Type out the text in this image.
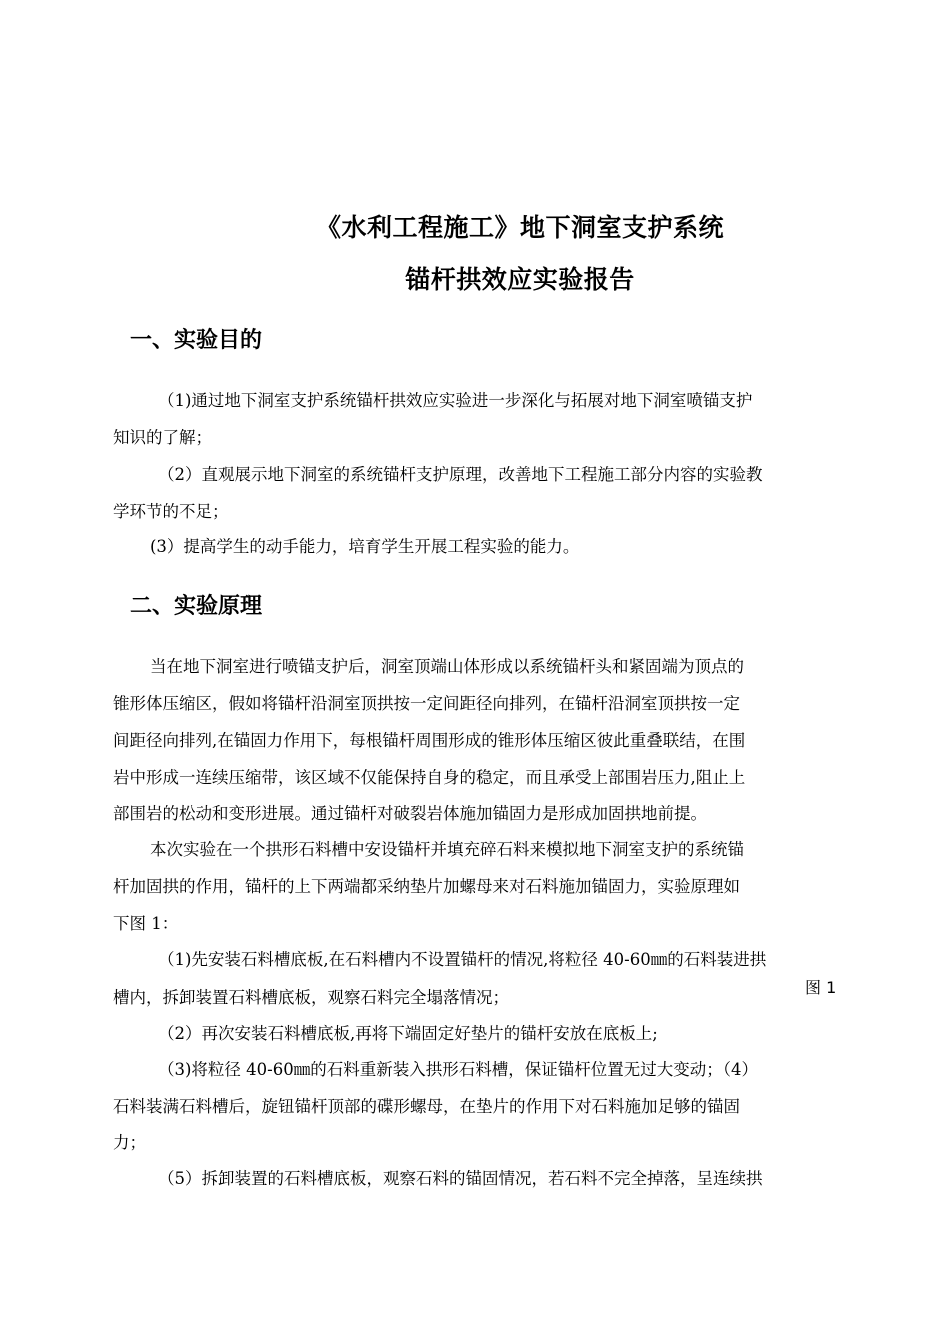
《水利工程施工》地下洞室支护系统
锚杆拱效应实验报告
一、实验目的
二、实验原理
（1)通过地下洞室支护系统锚杆拱效应实验进一步深化与拓展对地下洞室喷锚支护
知识的了解；
（2）直观展示地下洞室的系统锚杆支护原理，改善地下工程施工部分内容的实验教
学环节的不足；
(3）提高学生的动手能力，培育学生开展工程实验的能力。
当在地下洞室进行喷锚支护后，洞室顶端山体形成以系统锚杆头和紧固端为顶点的
锥形体压缩区，假如将锚杆沿洞室顶拱按一定间距径向排列，在锚杆沿洞室顶拱按一定
间距径向排列,在锚固力作用下，每根锚杆周围形成的锥形体压缩区彼此重叠联结，在围
岩中形成一连续压缩带，该区域不仅能保持自身的稳定，而且承受上部围岩压力,阻止上
部围岩的松动和变形进展。通过锚杆对破裂岩体施加锚固力是形成加固拱地前提。
本次实验在一个拱形石料槽中安设锚杆并填充碎石料来模拟地下洞室支护的系统锚
杆加固拱的作用，锚杆的上下两端都采纳垫片加螺母来对石料施加锚固力，实验原理如
下图 1：
（1)先安装石料槽底板,在石料槽内不设置锚杆的情况,将粒径 40-60㎜的石料装进拱
槽内，拆卸装置石料槽底板，观察石料完全塌落情况；
（2）再次安装石料槽底板,再将下端固定好垫片的锚杆安放在底板上;
（3)将粒径 40-60㎜的石料重新装入拱形石料槽，保证锚杆位置无过大变动；（4）
石料装满石料槽后，旋钮锚杆顶部的碟形螺母，在垫片的作用下对石料施加足够的锚固
力；
（5）拆卸装置的石料槽底板，观察石料的锚固情况，若石料不完全掉落，呈连续拱
图 1
